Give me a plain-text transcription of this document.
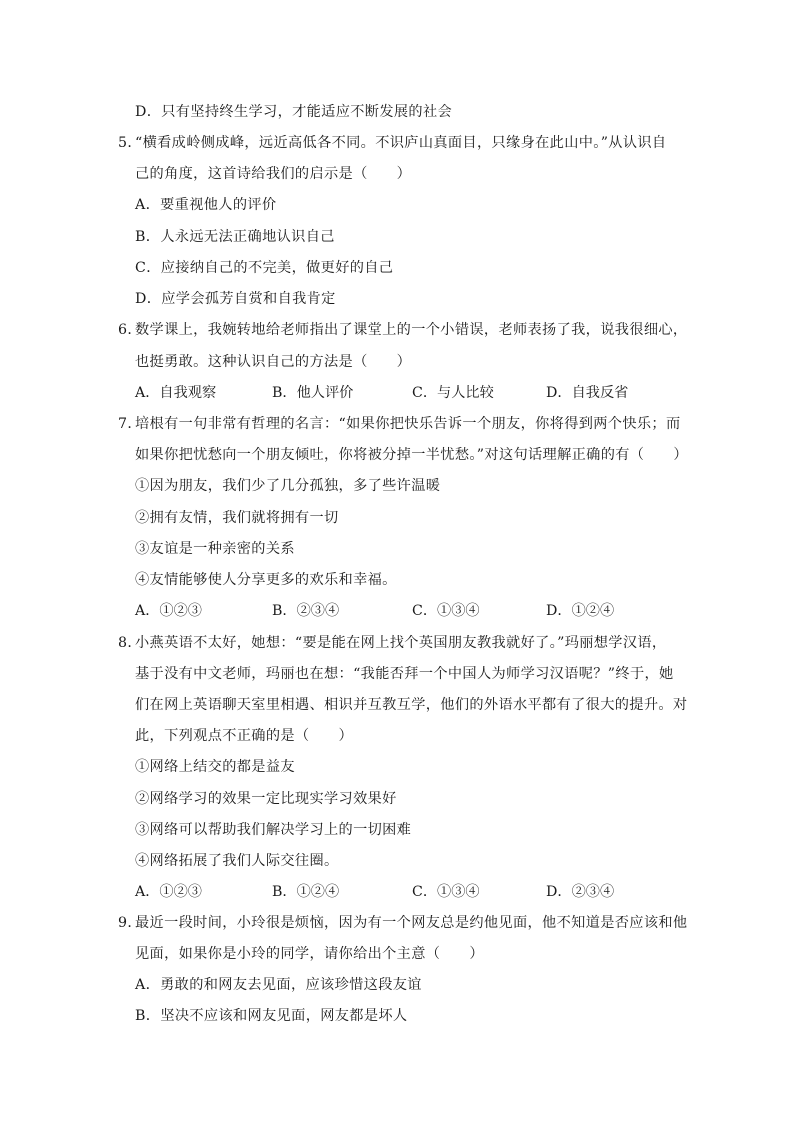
D．只有坚持终生学习，才能适应不断发展的社会
5．“横看成岭侧成峰，远近高低各不同。不识庐山真面目，只缘身在此山中。”从认识自
己的角度，这首诗给我们的启示是（　　）
A．要重视他人的评价
B．人永远无法正确地认识自己
C．应接纳自己的不完美，做更好的自己
D．应学会孤芳自赏和自我肯定
6．数学课上，我婉转地给老师指出了课堂上的一个小错误，老师表扬了我，说我很细心，
也挺勇敢。这种认识自己的方法是（　　）
A．自我观察	B．他人评价	C．与人比较	D．自我反省
7．培根有一句非常有哲理的名言：“如果你把快乐告诉一个朋友，你将得到两个快乐；而
如果你把忧愁向一个朋友倾吐，你将被分掉一半忧愁。”对这句话理解正确的有（　　）
①因为朋友，我们少了几分孤独，多了些许温暖
②拥有友情，我们就将拥有一切
③友谊是一种亲密的关系
④友情能够使人分享更多的欢乐和幸福。
A．①②③	B．②③④	C．①③④	D．①②④
8．小燕英语不太好，她想：“要是能在网上找个英国朋友教我就好了。”玛丽想学汉语，
基于没有中文老师，玛丽也在想：“我能否拜一个中国人为师学习汉语呢？”终于，她
们在网上英语聊天室里相遇、相识并互教互学，他们的外语水平都有了很大的提升。对
此，下列观点不正确的是（　　）
①网络上结交的都是益友
②网络学习的效果一定比现实学习效果好
③网络可以帮助我们解决学习上的一切困难
④网络拓展了我们人际交往圈。
A．①②③	B．①②④	C．①③④	D．②③④
9．最近一段时间，小玲很是烦恼，因为有一个网友总是约他见面，他不知道是否应该和他
见面，如果你是小玲的同学，请你给出个主意（　　）
A．勇敢的和网友去见面，应该珍惜这段友谊
B．坚决不应该和网友见面，网友都是坏人
